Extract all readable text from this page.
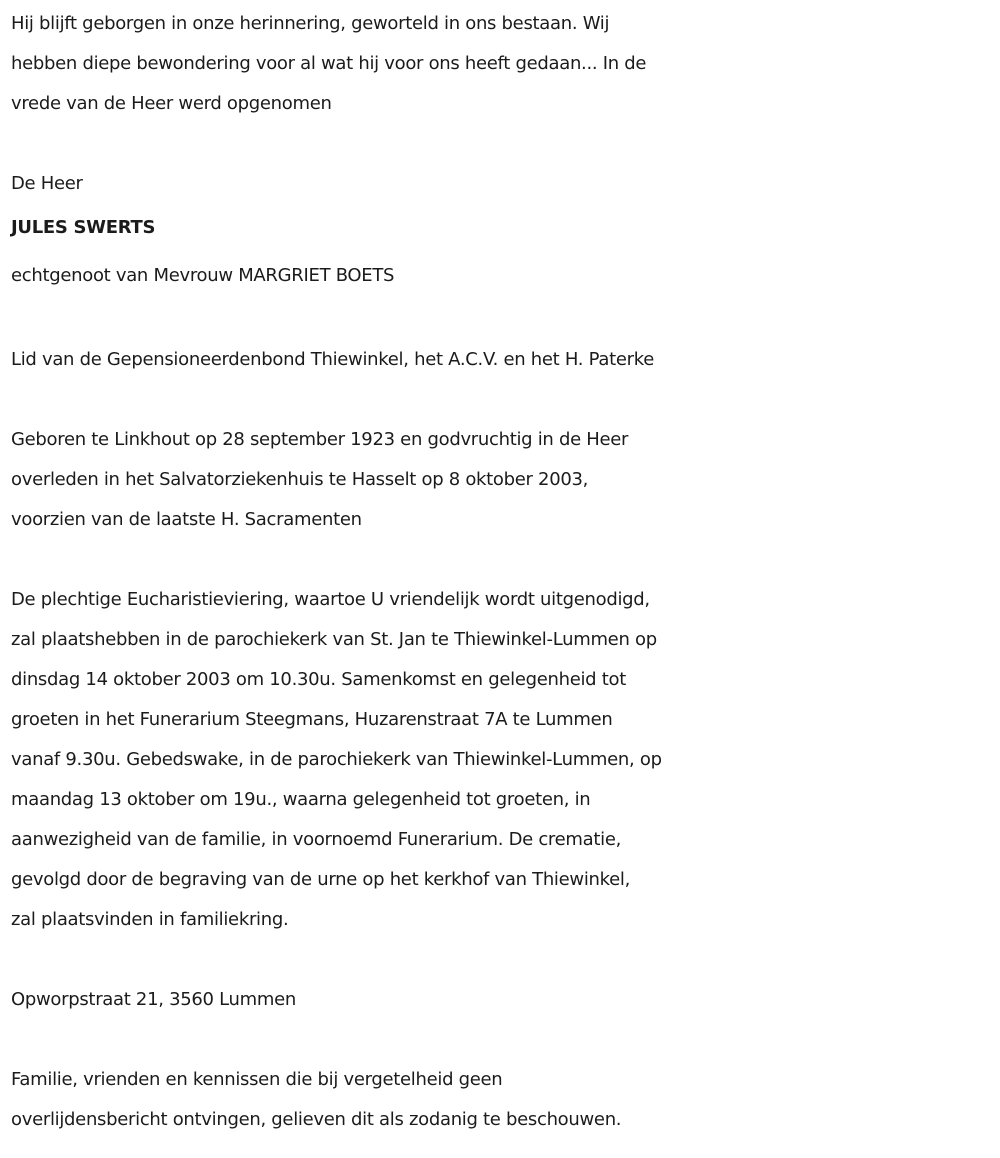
Hij blijft geborgen in onze herinnering, geworteld in ons bestaan. Wij
hebben diepe bewondering voor al wat hij voor ons heeft gedaan... In de
vrede van de Heer werd opgenomen
De Heer
JULES SWERTS
echtgenoot van Mevrouw MARGRIET BOETS
Lid van de Gepensioneerdenbond Thiewinkel, het A.C.V. en het H. Paterke
Geboren te Linkhout op 28 september 1923 en godvruchtig in de Heer
overleden in het Salvatorziekenhuis te Hasselt op 8 oktober 2003,
voorzien van de laatste H. Sacramenten
De plechtige Eucharistieviering, waartoe U vriendelijk wordt uitgenodigd,
zal plaatshebben in de parochiekerk van St. Jan te Thiewinkel-Lummen op
dinsdag 14 oktober 2003 om 10.30u. Samenkomst en gelegenheid tot
groeten in het Funerarium Steegmans, Huzarenstraat 7A te Lummen
vanaf 9.30u. Gebedswake, in de parochiekerk van Thiewinkel-Lummen, op
maandag 13 oktober om 19u., waarna gelegenheid tot groeten, in
aanwezigheid van de familie, in voornoemd Funerarium. De crematie,
gevolgd door de begraving van de urne op het kerkhof van Thiewinkel,
zal plaatsvinden in familiekring.
Opworpstraat 21, 3560 Lummen
Familie, vrienden en kennissen die bij vergetelheid geen
overlijdensbericht ontvingen, gelieven dit als zodanig te beschouwen.
